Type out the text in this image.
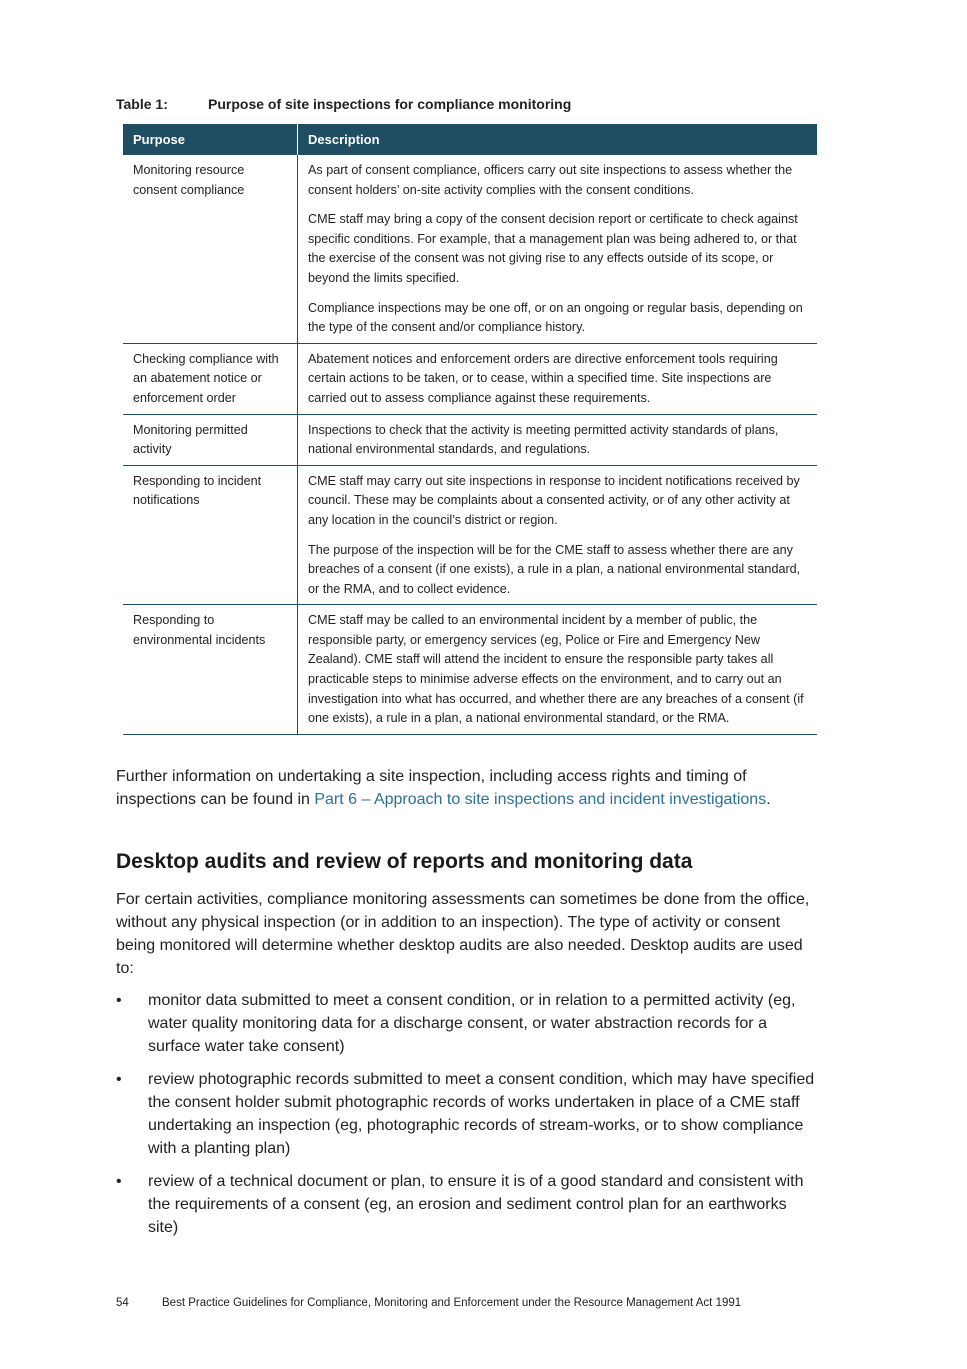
Table 1:	Purpose of site inspections for compliance monitoring
Purpose	Description
Monitoring resource consent compliance	As part of consent compliance, officers carry out site inspections to assess whether the consent holders’ on-site activity complies with the consent conditions.

CME staff may bring a copy of the consent decision report or certificate to check against specific conditions. For example, that a management plan was being adhered to, or that the exercise of the consent was not giving rise to any effects outside of its scope, or beyond the limits specified.

Compliance inspections may be one off, or on an ongoing or regular basis, depending on the type of the consent and/or compliance history.

Checking compliance with an abatement notice or enforcement order	Abatement notices and enforcement orders are directive enforcement tools requiring certain actions to be taken, or to cease, within a specified time. Site inspections are carried out to assess compliance against these requirements.

Monitoring permitted activity	Inspections to check that the activity is meeting permitted activity standards of plans, national environmental standards, and regulations.

Responding to incident notifications	CME staff may carry out site inspections in response to incident notifications received by council. These may be complaints about a consented activity, or of any other activity at any location in the council’s district or region.

The purpose of the inspection will be for the CME staff to assess whether there are any breaches of a consent (if one exists), a rule in a plan, a national environmental standard, or the RMA, and to collect evidence.

Responding to environmental incidents	CME staff may be called to an environmental incident by a member of public, the responsible party, or emergency services (eg, Police or Fire and Emergency New Zealand). CME staff will attend the incident to ensure the responsible party takes all practicable steps to minimise adverse effects on the environment, and to carry out an investigation into what has occurred, and whether there are any breaches of a consent (if one exists), a rule in a plan, a national environmental standard, or the RMA.

Further information on undertaking a site inspection, including access rights and timing of inspections can be found in Part 6 – Approach to site inspections and incident investigations.
Desktop audits and review of reports and monitoring data
For certain activities, compliance monitoring assessments can sometimes be done from the office, without any physical inspection (or in addition to an inspection). The type of activity or consent being monitored will determine whether desktop audits are also needed. Desktop audits are used to:
• monitor data submitted to meet a consent condition, or in relation to a permitted activity (eg, water quality monitoring data for a discharge consent, or water abstraction records for a surface water take consent)
• review photographic records submitted to meet a consent condition, which may have specified the consent holder submit photographic records of works undertaken in place of a CME staff undertaking an inspection (eg, photographic records of stream-works, or to show compliance with a planting plan)
• review of a technical document or plan, to ensure it is of a good standard and consistent with the requirements of a consent (eg, an erosion and sediment control plan for an earthworks site)
54	Best Practice Guidelines for Compliance, Monitoring and Enforcement under the Resource Management Act 1991
